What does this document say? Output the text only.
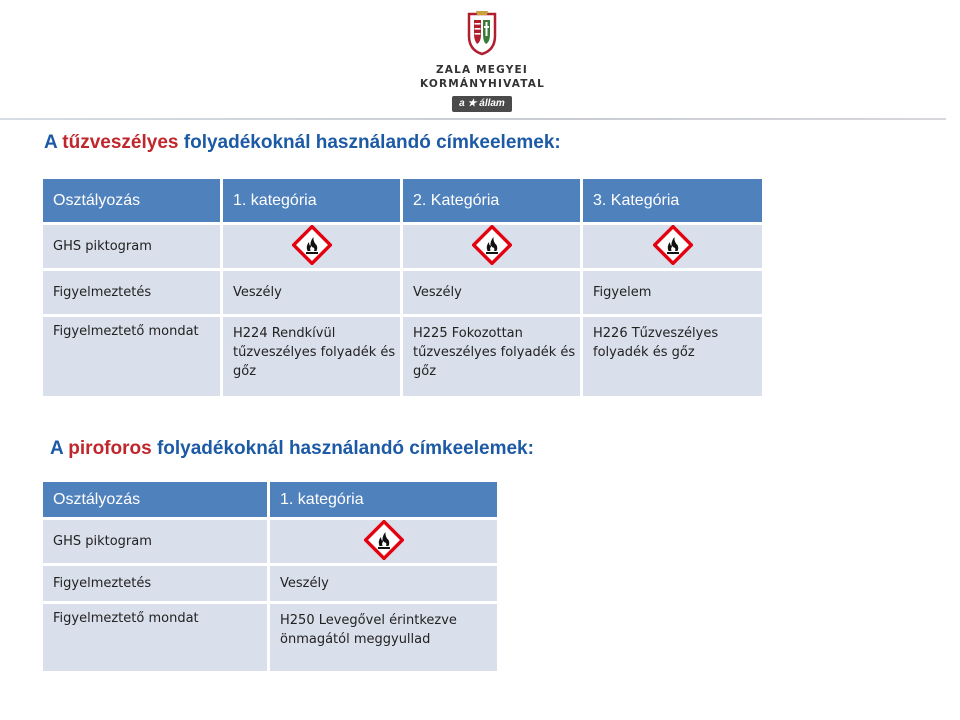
ZALA MEGYEI
KORMÁNYHIVATAL
a ★ állam
A tűzveszélyes folyadékoknál használandó címkeelemek:
Osztályozás	1. kategória	2. Kategória	3. Kategória
GHS piktogram			
Figyelmeztetés	Veszély	Veszély	Figyelem
Figyelmeztető mondat	H224 Rendkívül tűzveszélyes folyadék és gőz	H225 Fokozottan tűzveszélyes folyadék és gőz	H226 Tűzveszélyes folyadék és gőz
A piroforos folyadékoknál használandó címkeelemek:
Osztályozás	1. kategória
GHS piktogram	
Figyelmeztetés	Veszély
Figyelmeztető mondat	H250 Levegővel érintkezve önmagától meggyullad
